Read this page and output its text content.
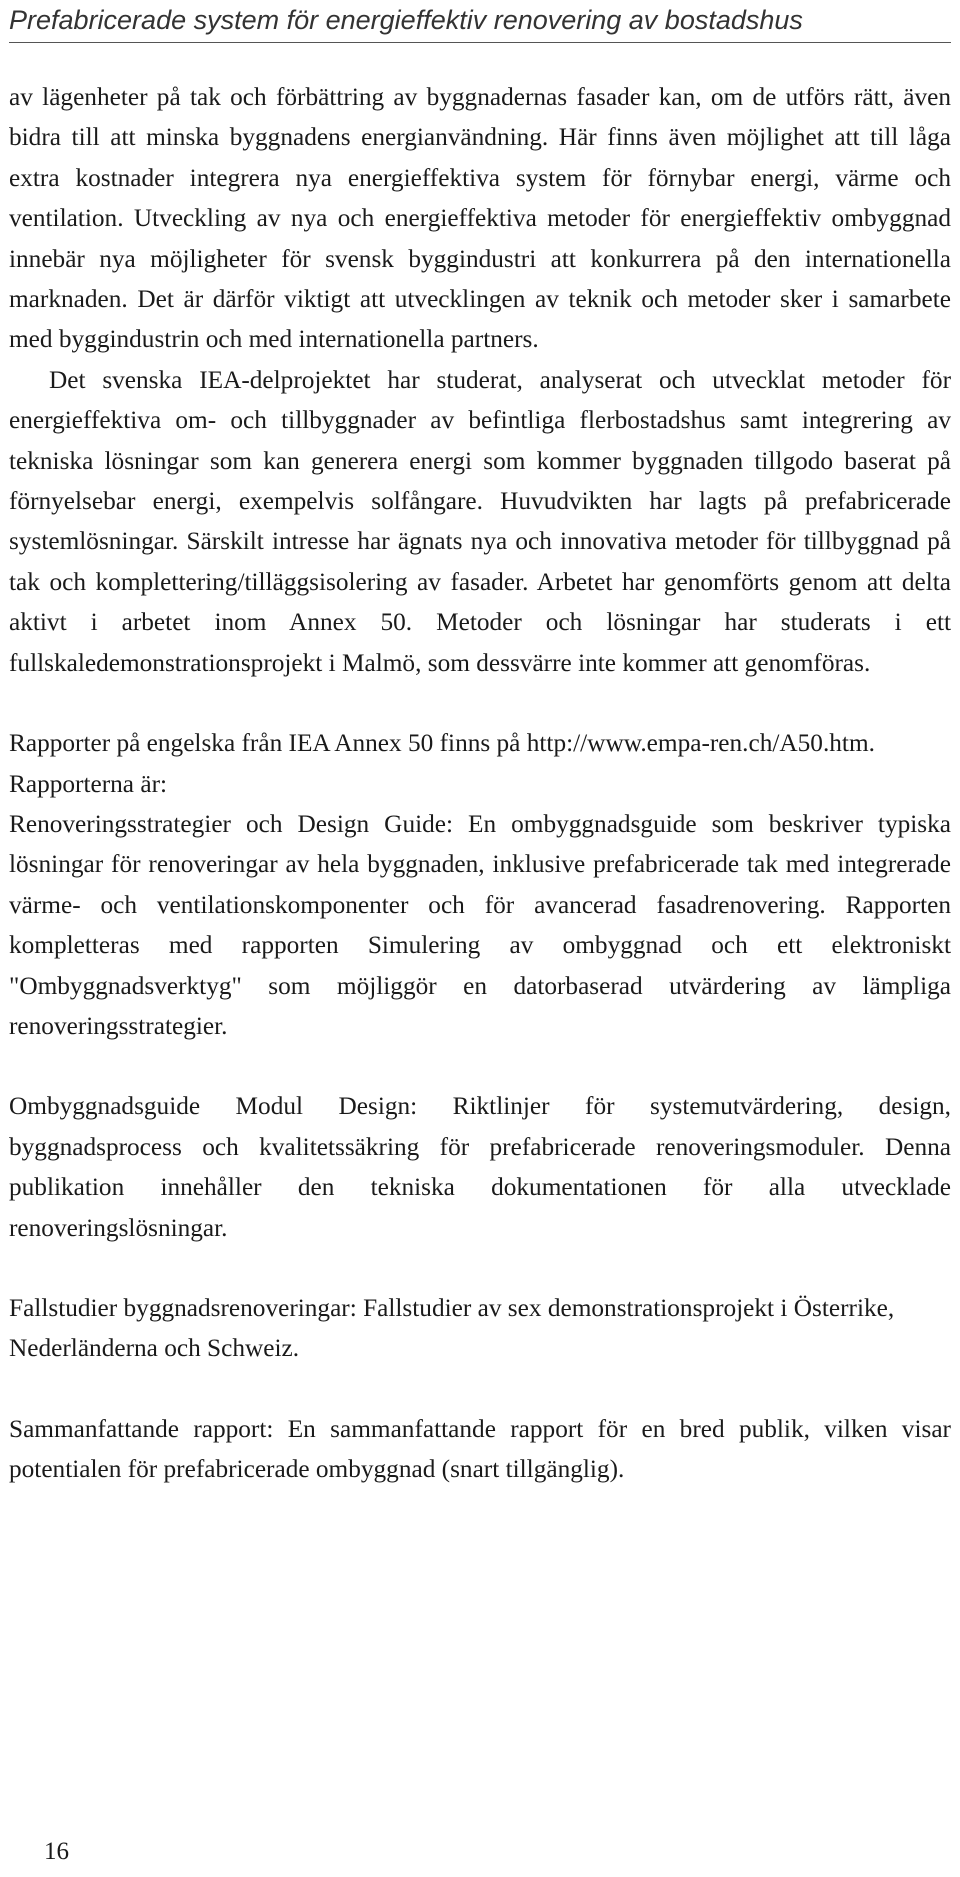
Prefabricerade system för energieffektiv renovering av bostadshus

av lägenheter på tak och förbättring av byggnadernas fasader kan, om de utförs rätt, även bidra till att minska byggnadens energianvändning. Här finns även möjlighet att till låga extra kostnader integrera nya energieffektiva system för förnybar energi, värme och ventilation. Utveckling av nya och energieffektiva metoder för energieffektiv ombyggnad innebär nya möjligheter för svensk byggindustri att konkurrera på den internationella marknaden. Det är därför viktigt att utvecklingen av teknik och metoder sker i samarbete med byggindustrin och med internationella partners.

Det svenska IEA-delprojektet har studerat, analyserat och utvecklat metoder för energieffektiva om- och tillbyggnader av befintliga flerbostadshus samt integrering av tekniska lösningar som kan generera energi som kommer byggnaden tillgodo baserat på förnyelsebar energi, exempelvis solfångare. Huvudvikten har lagts på prefabricerade systemlösningar. Särskilt intresse har ägnats nya och innovativa metoder för tillbyggnad på tak och komplettering/tilläggsisolering av fasader. Arbetet har genomförts genom att delta aktivt i arbetet inom Annex 50. Metoder och lösningar har studerats i ett fullskaledemonstrationsprojekt i Malmö, som dessvärre inte kommer att genomföras.

Rapporter på engelska från IEA Annex 50 finns på http://www.empa-ren.ch/A50.htm.

Rapporterna är:

Renoveringsstrategier och Design Guide: En ombyggnadsguide som beskriver typiska lösningar för renoveringar av hela byggnaden, inklusive prefabricerade tak med integrerade värme- och ventilationskomponenter och för avancerad fasadrenovering. Rapporten kompletteras med rapporten Simulering av ombyggnad och ett elektroniskt "Ombyggnadsverktyg" som möjliggör en datorbaserad utvärdering av lämpliga renoveringsstrategier.

Ombyggnadsguide Modul Design: Riktlinjer för systemutvärdering, design, byggnadsprocess och kvalitetssäkring för prefabricerade renoveringsmoduler. Denna publikation innehåller den tekniska dokumentationen för alla utvecklade renoveringslösningar.

Fallstudier byggnadsrenoveringar: Fallstudier av sex demonstrationsprojekt i Österrike, Nederländerna och Schweiz.

Sammanfattande rapport: En sammanfattande rapport för en bred publik, vilken visar potentialen för prefabricerade ombyggnad (snart tillgänglig).

16
